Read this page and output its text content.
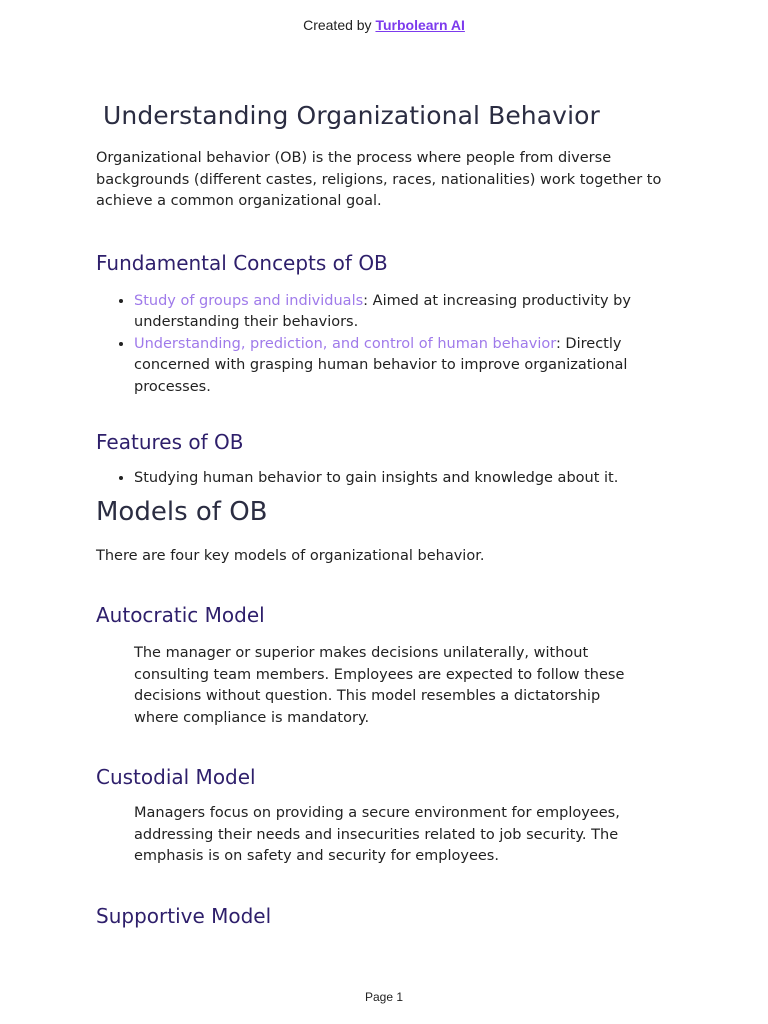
Created by Turbolearn AI
Understanding Organizational Behavior

Organizational behavior (OB) is the process where people from diverse backgrounds (different castes, religions, races, nationalities) work together to achieve a common organizational goal.

Fundamental Concepts of OB
• Study of groups and individuals: Aimed at increasing productivity by understanding their behaviors.
• Understanding, prediction, and control of human behavior: Directly concerned with grasping human behavior to improve organizational processes.
Features of OB
• Studying human behavior to gain insights and knowledge about it.
Models of OB

There are four key models of organizational behavior.

Autocratic Model

The manager or superior makes decisions unilaterally, without consulting team members. Employees are expected to follow these decisions without question. This model resembles a dictatorship where compliance is mandatory.

Custodial Model

Managers focus on providing a secure environment for employees, addressing their needs and insecurities related to job security. The emphasis is on safety and security for employees.

Supportive Model
Page 1
